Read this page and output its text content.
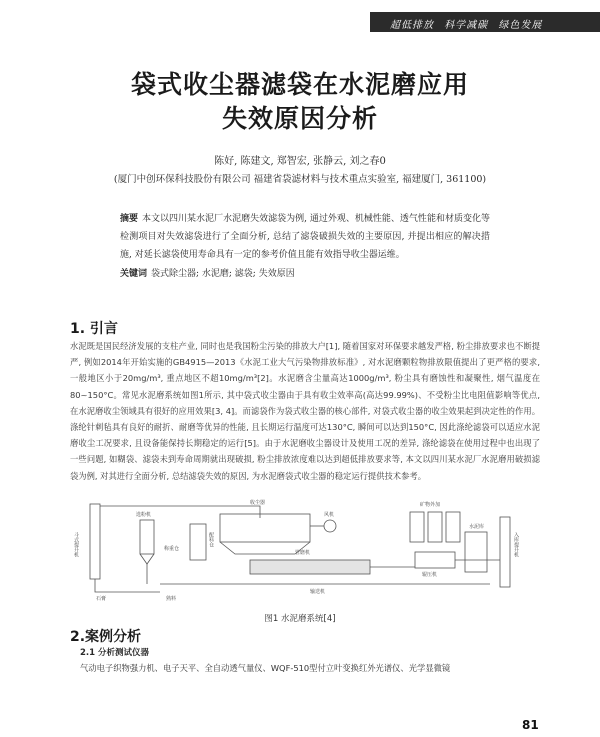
超低排放 科学减碳 绿色发展
袋式收尘器滤袋在水泥磨应用
失效原因分析
陈好, 陈建文, 郑智宏, 张静云, 刘之春0
(厦门中创环保科技股份有限公司 福建省袋滤材料与技术重点实验室, 福建厦门, 361100)
摘要 本文以四川某水泥厂水泥磨失效滤袋为例, 通过外观、机械性能、透气性能和材质变化等检测项目对失效滤袋进行了全面分析, 总结了滤袋破损失效的主要原因, 并提出相应的解决措施, 对延长滤袋使用寿命具有一定的参考价值且能有效指导收尘器运维。
关键词 袋式除尘器; 水泥磨; 滤袋; 失效原因
1. 引言
水泥既是国民经济发展的支柱产业, 同时也是我国粉尘污染的排放大户[1], 随着国家对环保要求越发严格, 粉尘排放要求也不断提严, 例如2014年开始实施的GB4915—2013《水泥工业大气污染物排放标准》, 对水泥磨颗粒物排放限值提出了更严格的要求, 一般地区小于20mg/m³, 重点地区不超10mg/m³[2]。水泥磨含尘量高达1000g/m³, 粉尘具有磨蚀性和凝聚性, 烟气温度在80~150°C。常见水泥磨系统如图1所示, 其中袋式收尘器由于具有收尘效率高(高达99.99%)、不受粉尘比电阻值影响等优点, 在水泥磨收尘领域具有很好的应用效果[3, 4]。而滤袋作为袋式收尘器的核心部件, 对袋式收尘器的收尘效果起到决定性的作用。涤纶针刺毡具有良好的耐折、耐磨等优异的性能, 且长期运行温度可达130°C, 瞬间可以达到150°C, 因此涤纶滤袋可以适应水泥磨收尘工况要求, 且设备能保持长期稳定的运行[5]。由于水泥磨收尘器设计及使用工况的差异, 涤纶滤袋在使用过程中也出现了一些问题, 如糊袋、滤袋未到寿命周期就出现破损, 粉尘排放浓度难以达到超低排放要求等, 本文以四川某水泥厂水泥磨用破损滤袋为例, 对其进行全面分析, 总结滤袋失效的原因, 为水泥磨袋式收尘器的稳定运行提供技术参考。
斗式提升机
选粉机
称重仓
配料仓
收尘器
风机
管磨机
输送机
熟料
入库提升机
辊压机
矿物外加
水泥库
石膏
图1 水泥磨系统[4]
2.案例分析
2.1 分析测试仪器
气动电子织物强力机、电子天平、全自动透气量仪、WQF-510型付立叶变换红外光谱仪、光学显微镜
81
